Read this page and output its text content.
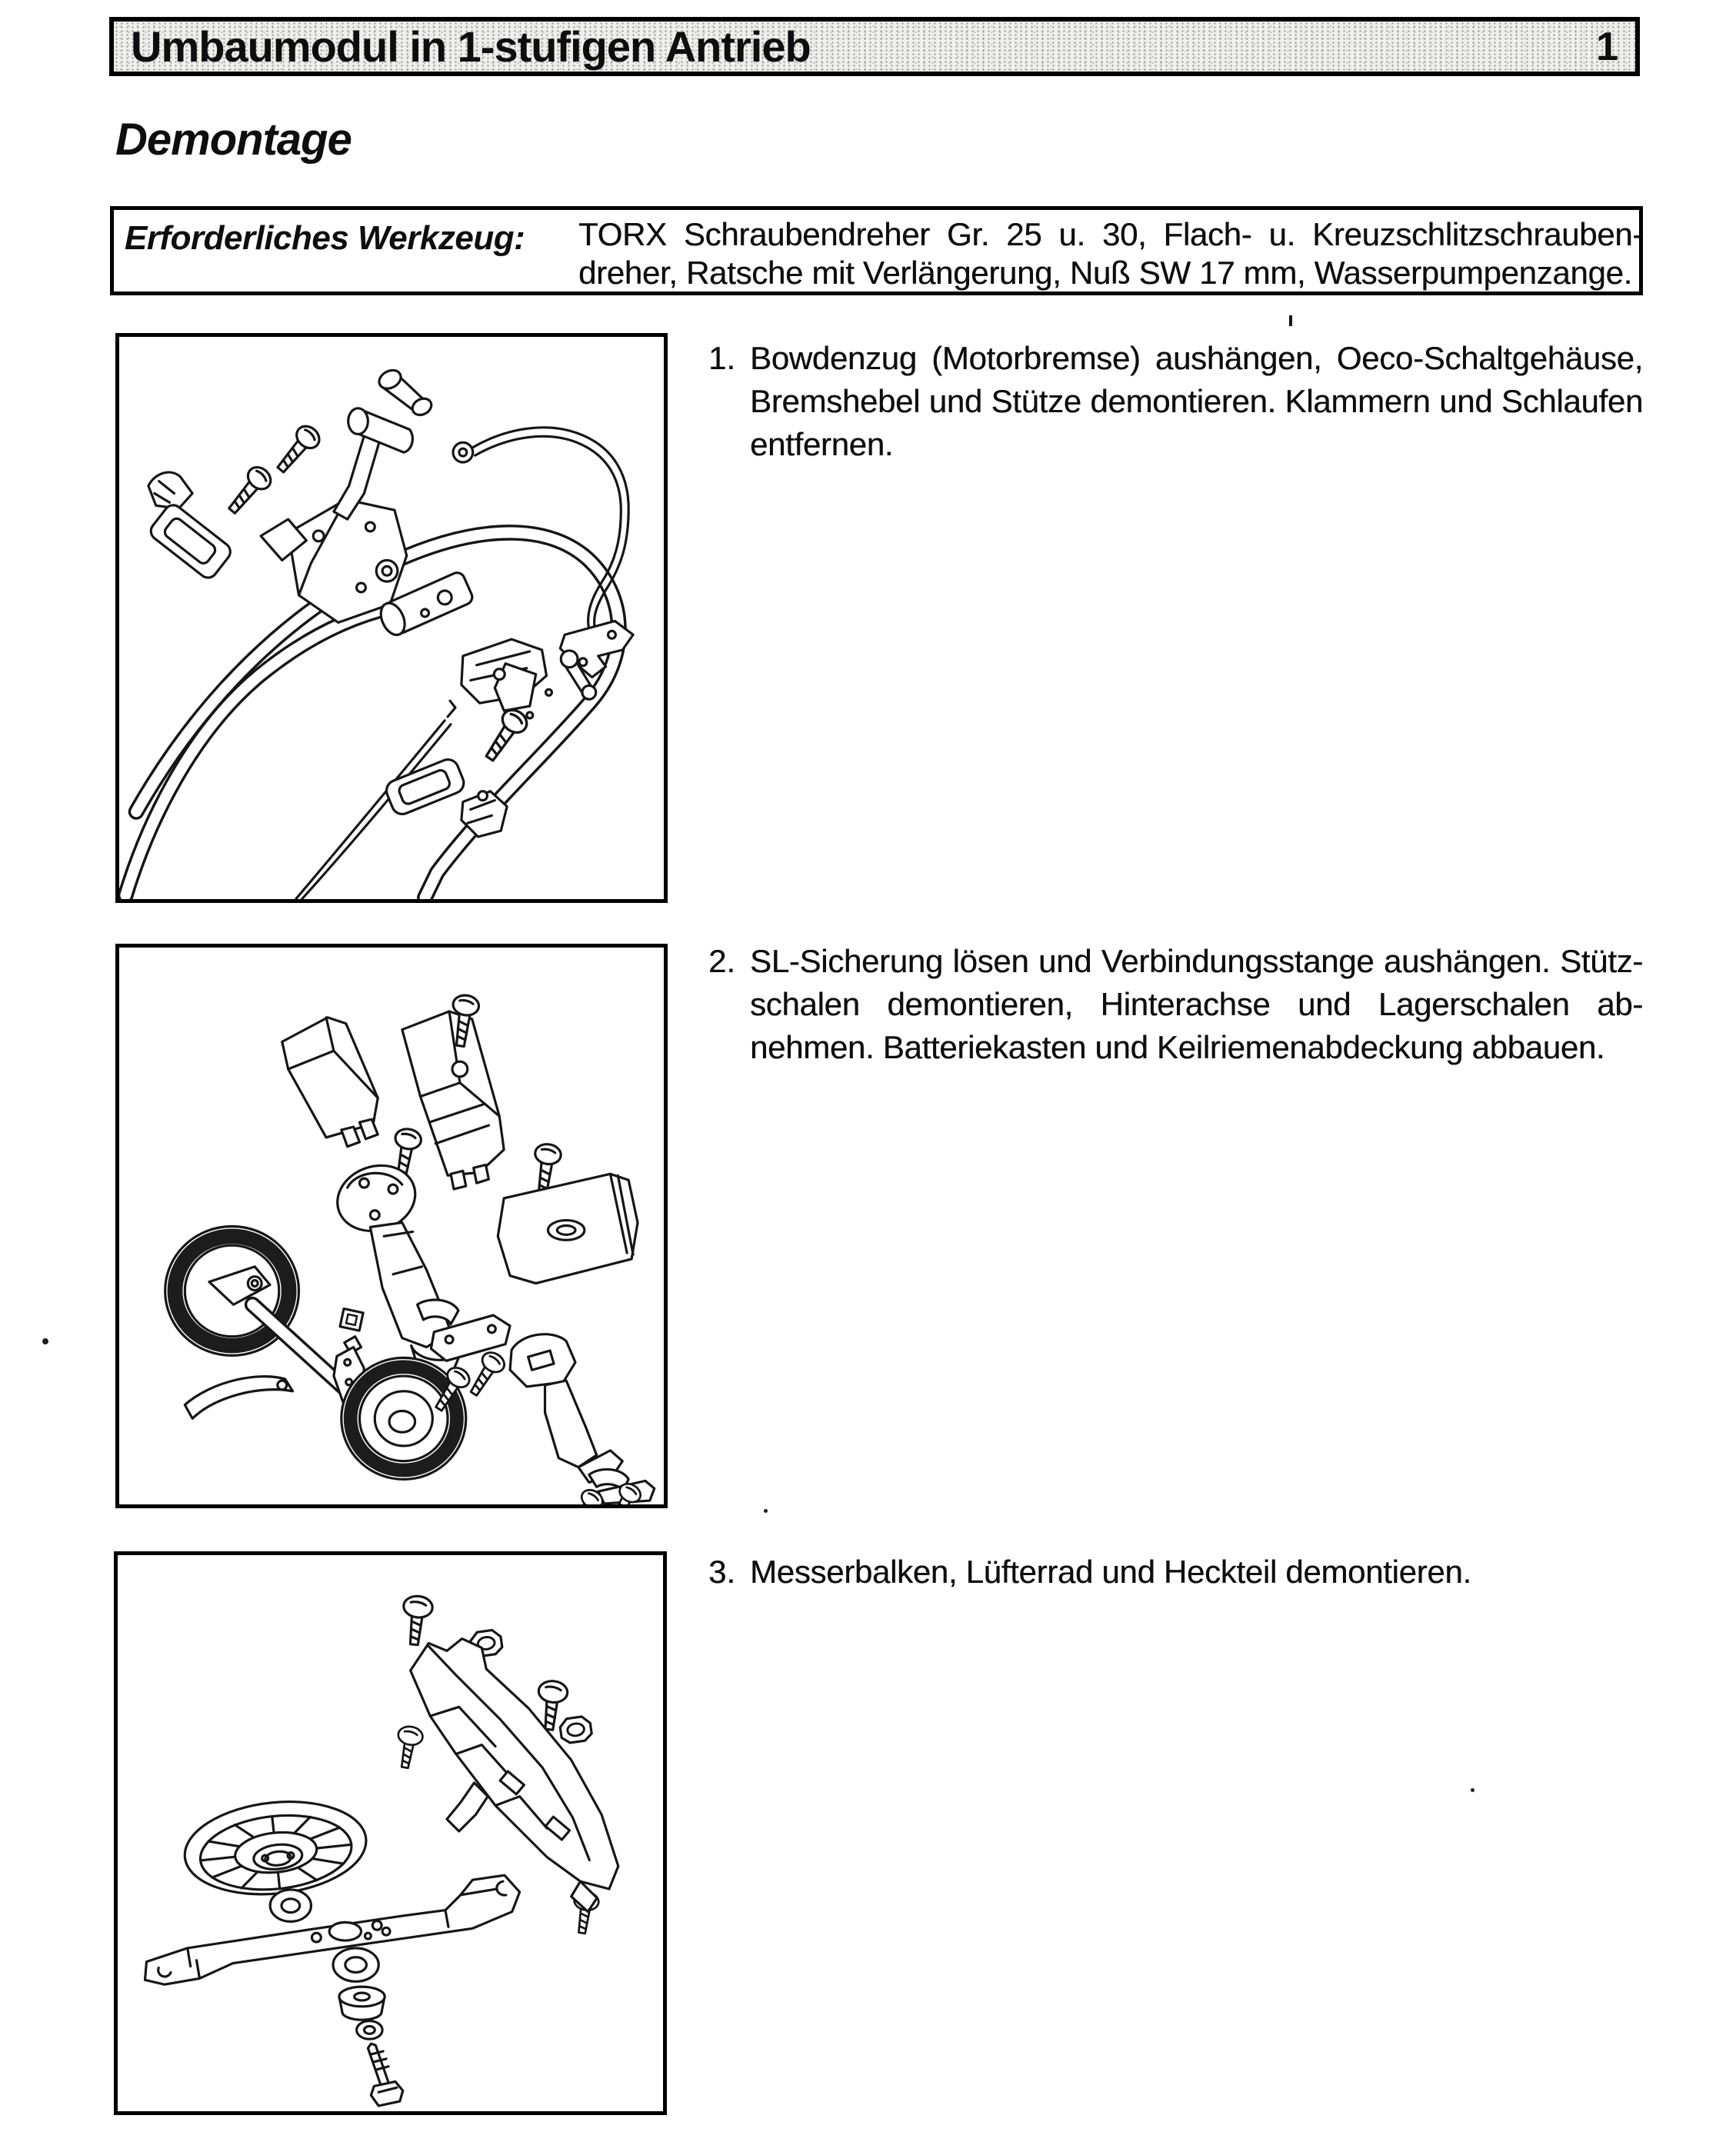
Umbaumodul in 1-stufigen Antrieb	1
Demontage
Erforderliches Werkzeug: TORX Schraubendreher Gr. 25 u. 30, Flach- u. Kreuzschlitzschrauben-
dreher, Ratsche mit Verlängerung, Nuß SW 17 mm, Wasserpumpenzange.
1. Bowdenzug (Motorbremse) aushängen, Oeco-Schaltgehäuse,
Bremshebel und Stütze demontieren. Klammern und Schlaufen
entfernen.
2. SL-Sicherung lösen und Verbindungsstange aushängen. Stütz-
schalen demontieren, Hinterachse und Lagerschalen ab-
nehmen. Batteriekasten und Keilriemenabdeckung abbauen.
3. Messerbalken, Lüfterrad und Heckteil demontieren.
